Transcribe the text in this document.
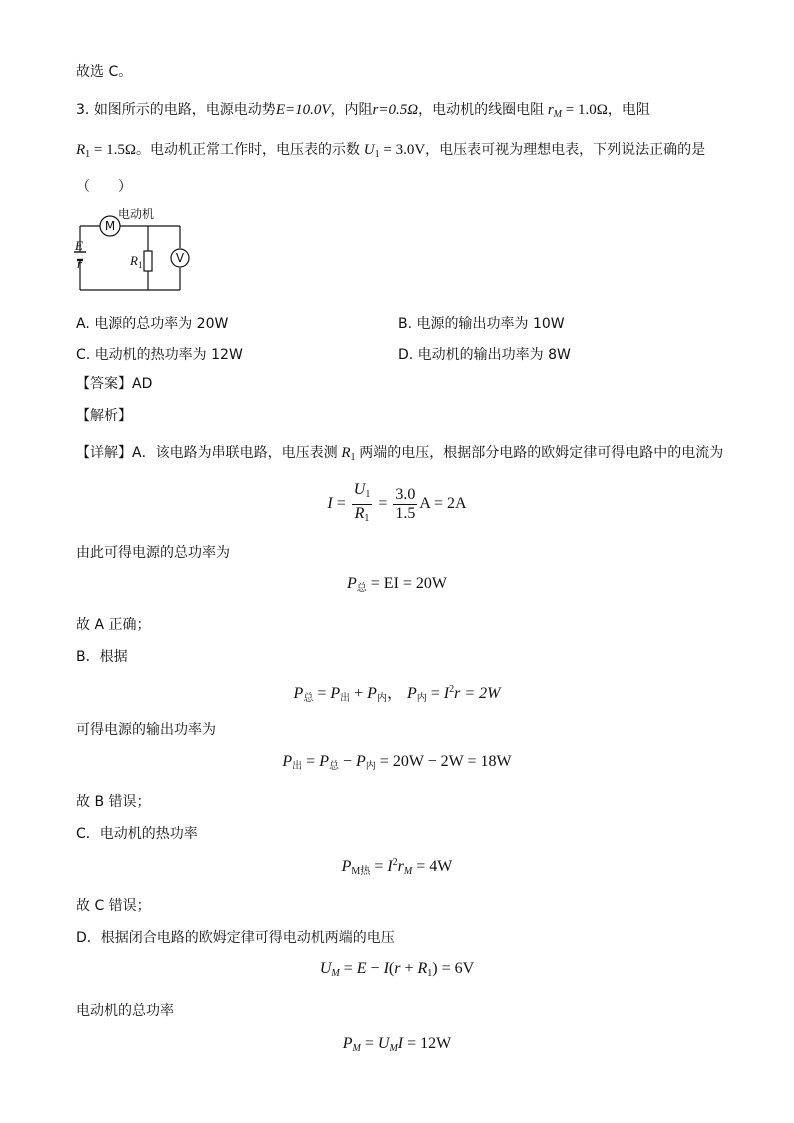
故选 C。
3. 如图所示的电路，电源电动势E=10.0V，内阻r=0.5Ω，电动机的线圈电阻 $r_M = 1.0\Omega$，电阻
$R_1 = 1.5\Omega$。电动机正常工作时，电压表的示数 $U_1 = 3.0V$，电压表可视为理想电表，下列说法正确的是
（　　）
M
电动机
$R_1$	V
E
r
A. 电源的总功率为 20W	B. 电源的输出功率为 10W
C. 电动机的热功率为 12W	D. 电动机的输出功率为 8W
【答案】AD
【解析】
【详解】A．该电路为串联电路，电压表测 $R_1$ 两端的电压，根据部分电路的欧姆定律可得电路中的电流为
$I = \frac{U_1}{R_1} = \frac{3.0}{1.5}$ A = 2A
由此可得电源的总功率为
$P_总$ = EI = 20W
故 A 正确；
B．根据
$P_总 = P_出 + P_内$， $P_内 = I^2r = 2W$
可得电源的输出功率为
$P_出 = P_总 - P_内 = 20W - 2W = 18W$
故 B 错误；
C．电动机的热功率
$P_{M热} = I^2r_M = 4W$
故 C 错误；
D．根据闭合电路的欧姆定律可得电动机两端的电压
$U_M = E - I(r + R_1) = 6V$
电动机的总功率
$P_M = U_MI = 12W$
